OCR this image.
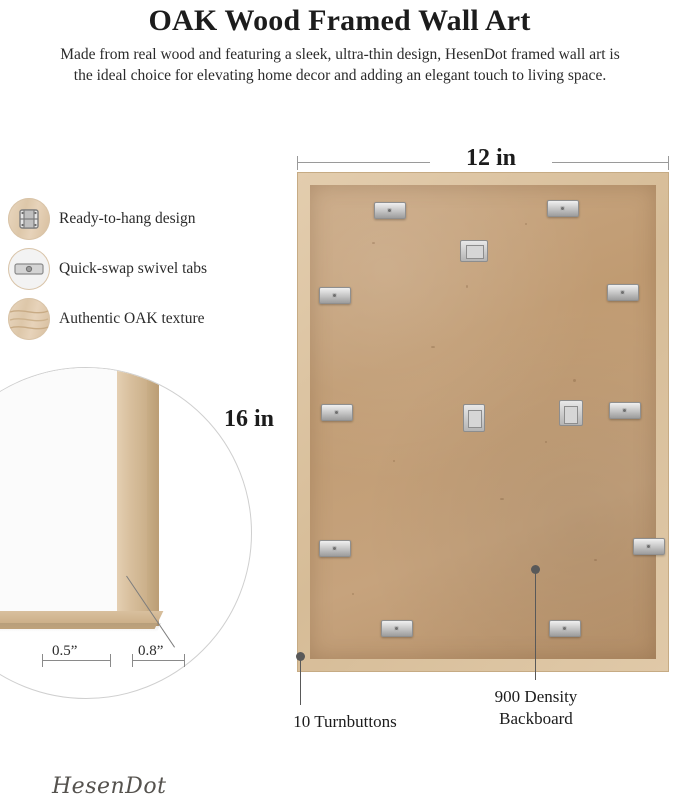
OAK Wood Framed Wall Art
Made from real wood and featuring a sleek, ultra-thin design, HesenDot framed wall art is the ideal choice for elevating home decor and adding an elegant touch to living space.
Ready-to-hang design
Quick-swap swivel tabs
Authentic OAK texture
0.5”	0.8”
12 in
16 in
10 Turnbuttons
900 Density
Backboard
HesenDot
